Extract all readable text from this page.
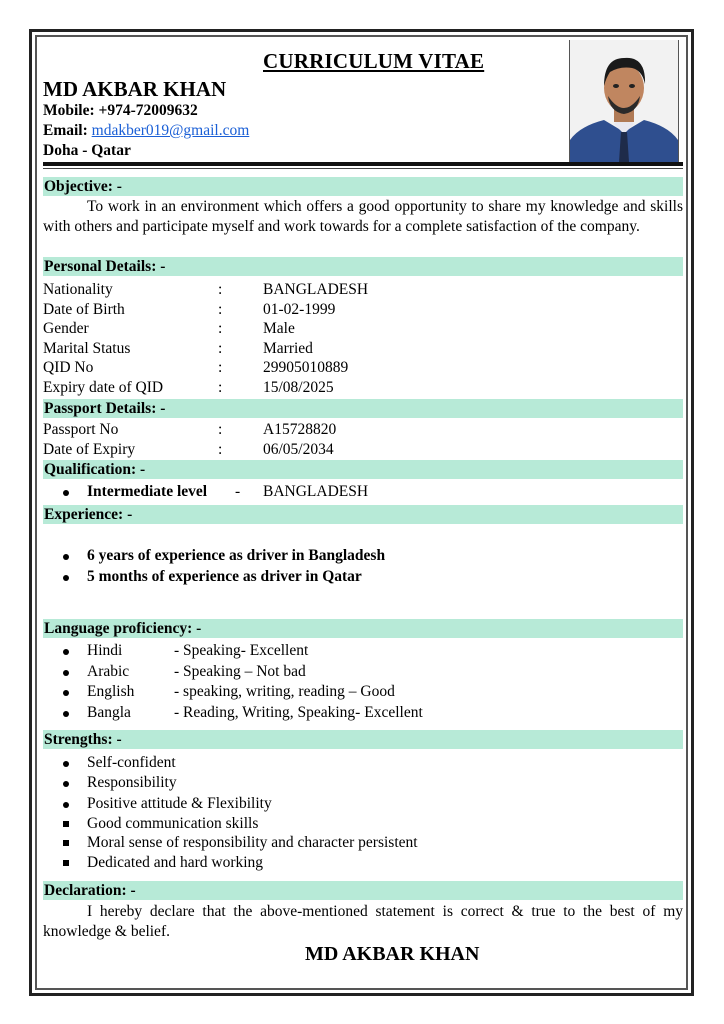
CURRICULUM VITAE
MD AKBAR KHAN
Mobile: +974-72009632
Email: mdakber019@gmail.com
Doha - Qatar
Objective: -
To work in an environment which offers a good opportunity to share my knowledge and skills with others and participate myself and work towards for a complete satisfaction of the company.
Personal Details: -
Nationality	:	BANGLADESH
Date of Birth	:	01-02-1999
Gender	:	Male
Marital Status	:	Married
QID No	:	29905010889
Expiry date of QID	:	15/08/2025
Passport Details: -
Passport No	:	A15728820
Date of Expiry	:	06/05/2034
Qualification: -
Intermediate level - BANGLADESH
Experience: -
6 years of experience as driver in Bangladesh
5 months of experience as driver in Qatar
Language proficiency: -
Hindi	- Speaking- Excellent
Arabic	- Speaking – Not bad
English	- speaking, writing, reading – Good
Bangla	- Reading, Writing, Speaking- Excellent
Strengths: -
Self-confident
Responsibility
Positive attitude & Flexibility
Good communication skills
Moral sense of responsibility and character persistent
Dedicated and hard working
Declaration: -
I hereby declare that the above-mentioned statement is correct & true to the best of my knowledge & belief.
MD AKBAR KHAN
